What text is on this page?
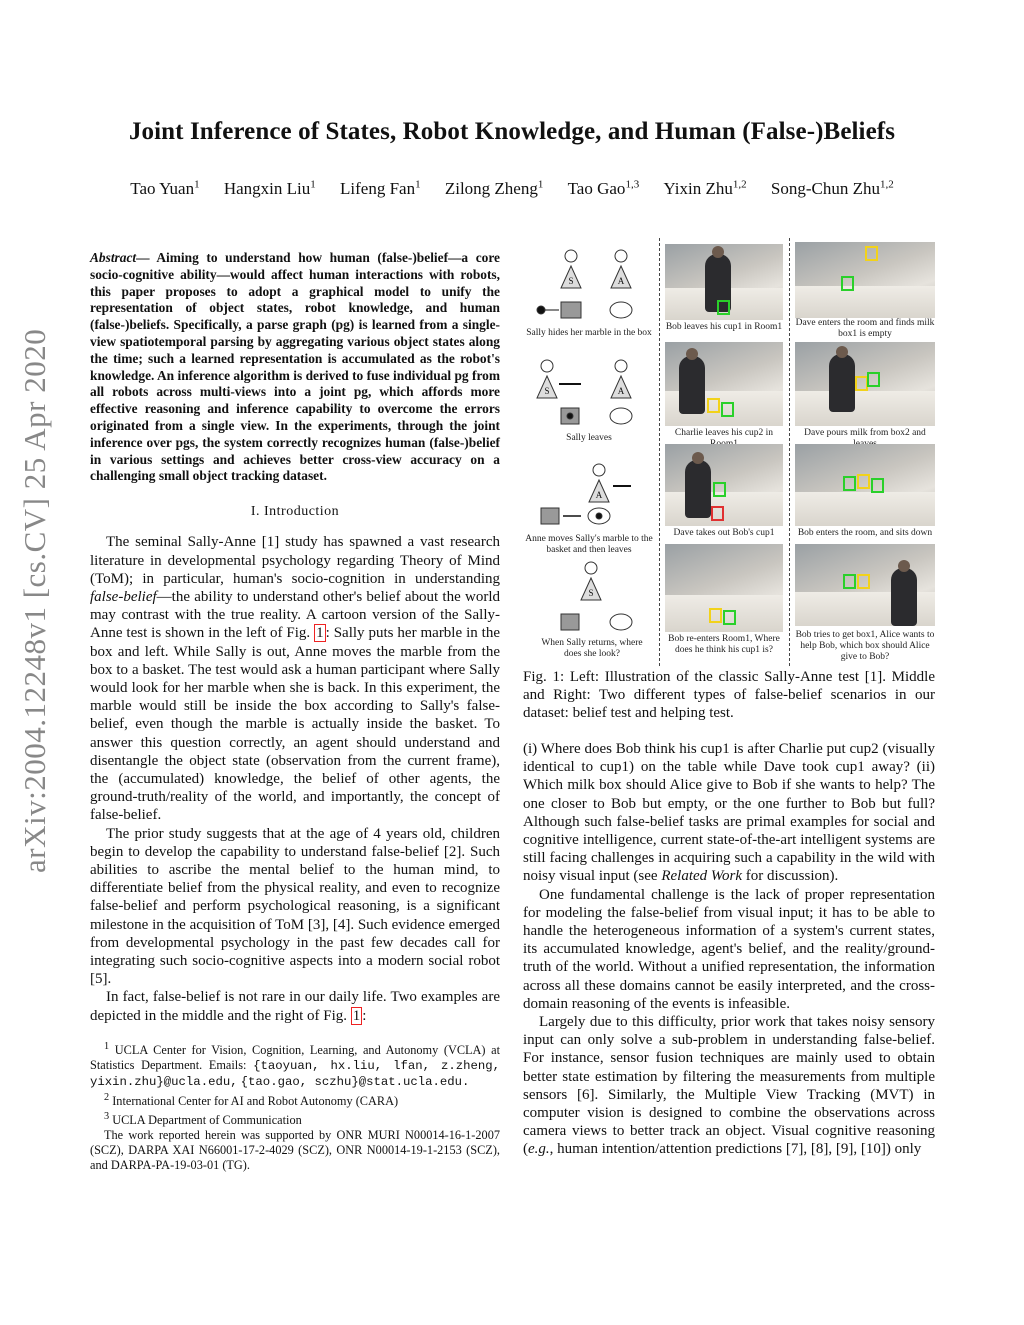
Joint Inference of States, Robot Knowledge, and Human (False-)Beliefs
Tao Yuan$^1$ Hangxin Liu$^1$ Lifeng Fan$^1$ Zilong Zheng$^1$ Tao Gao$^{1,3}$ Yixin Zhu$^{1,2}$ Song-Chun Zhu$^{1,2}$
arXiv:2004.12248v1 [cs.CV] 25 Apr 2020
Abstract— Aiming to understand how human (false-)belief—a core socio-cognitive ability—would affect human interactions with robots, this paper proposes to adopt a graphical model to unify the representation of object states, robot knowledge, and human (false-)beliefs. Specifically, a parse graph (pg) is learned from a single-view spatiotemporal parsing by aggregating various object states along the time; such a learned representation is accumulated as the robot's knowledge. An inference algorithm is derived to fuse individual pg from all robots across multi-views into a joint pg, which affords more effective reasoning and inference capability to overcome the errors originated from a single view. In the experiments, through the joint inference over pgs, the system correctly recognizes human (false-)belief in various settings and achieves better cross-view accuracy on a challenging small object tracking dataset.
I. Introduction

The seminal Sally-Anne [1] study has spawned a vast research literature in developmental psychology regarding Theory of Mind (ToM); in particular, human's socio-cognition in understanding false-belief—the ability to understand other's belief about the world may contrast with the true reality. A cartoon version of the Sally-Anne test is shown in the left of Fig. 1 : Sally puts her marble in the box and left. While Sally is out, Anne moves the marble from the box to a basket. The test would ask a human participant where Sally would look for her marble when she is back. In this experiment, the marble would still be inside the box according to Sally's false-belief, even though the marble is actually inside the basket. To answer this question correctly, an agent should understand and disentangle the object state (observation from the current frame), the (accumulated) knowledge, the belief of other agents, the ground-truth/reality of the world, and importantly, the concept of false-belief.

The prior study suggests that at the age of 4 years old, children begin to develop the capability to understand false-belief [2]. Such abilities to ascribe the mental belief to the human mind, to differentiate belief from the physical reality, and even to recognize false-belief and perform psychological reasoning, is a significant milestone in the acquisition of ToM [3], [4]. Such evidence emerged from developmental psychology in the past few decades call for integrating such socio-cognitive aspects into a modern social robot [5].

In fact, false-belief is not rare in our daily life. Two examples are depicted in the middle and the right of Fig. 1 :

$^1$ UCLA Center for Vision, Cognition, Learning, and Autonomy (VCLA) at Statistics Department. Emails: {taoyuan, hx.liu, lfan, z.zheng, yixin.zhu}@ucla.edu, {tao.gao, sczhu}@stat.ucla.edu.
$^2$ International Center for AI and Robot Autonomy (CARA)
$^3$ UCLA Department of Communication
The work reported herein was supported by ONR MURI N00014-16-1-2007 (SCZ), DARPA XAI N66001-17-2-4029 (SCZ), ONR N00014-19-1-2153 (SCZ), and DARPA-PA-19-03-01 (TG).
S	A
S	A
A
S
Sally hides her marble in the box
Sally leaves
Anne moves Sally's marble to the basket and then leaves
When Sally returns, where does she look?
Bob leaves his cup1 in Room1
Charlie leaves his cup2 in
Dave takes out Bob's cup1
Bob re-enters Room1, Where does he think his cup1 is?
Dave enters the room and finds milk box1 is empty
Dave pours milk from box2 and
Bob enters the room, and sits down
Bob tries to get box1, Alice wants to help Bob, which box should Alice give to Bob?
Fig. 1: Left: Illustration of the classic Sally-Anne test [1]. Middle and Right: Two different types of false-belief scenarios in our dataset: belief test and helping test.

(i) Where does Bob think his cup1 is after Charlie put cup2 (visually identical to cup1) on the table while Dave took cup1 away? (ii) Which milk box should Alice give to Bob if she wants to help? The one closer to Bob but empty, or the one further to Bob but full? Although such false-belief tasks are primal examples for social and cognitive intelligence, current state-of-the-art intelligent systems are still facing challenges in acquiring such a capability in the wild with noisy visual input (see Related Work for discussion).

One fundamental challenge is the lack of proper representation for modeling the false-belief from visual input; it has to be able to handle the heterogeneous information of a system's current states, its accumulated knowledge, agent's belief, and the reality/ground-truth of the world. Without a unified representation, the information across all these domains cannot be easily interpreted, and the cross-domain reasoning of the events is infeasible.

Largely due to this difficulty, prior work that takes noisy sensory input can only solve a sub-problem in understanding false-belief. For instance, sensor fusion techniques are mainly used to obtain better state estimation by filtering the measurements from multiple sensors [6]. Similarly, the Multiple View Tracking (MVT) in computer vision is designed to combine the observations across camera views to better track an object. Visual cognitive reasoning (e.g., human intention/attention predictions [7], [8], [9], [10]) only
